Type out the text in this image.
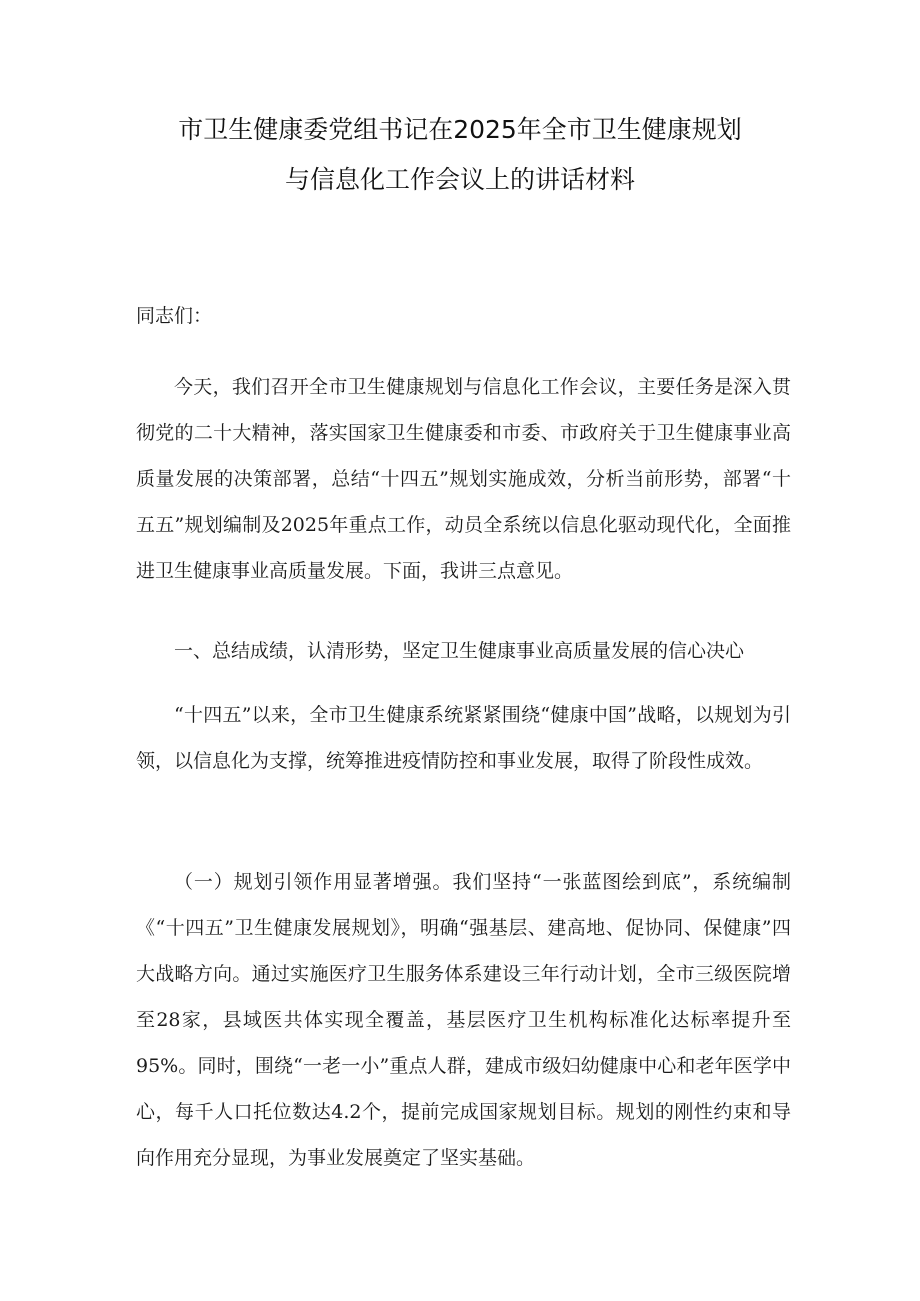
市卫生健康委党组书记在2025年全市卫生健康规划
与信息化工作会议上的讲话材料

同志们：

今天，我们召开全市卫生健康规划与信息化工作会议，主要任务是深入贯彻党的二十大精神，落实国家卫生健康委和市委、市政府关于卫生健康事业高质量发展的决策部署，总结“十四五”规划实施成效，分析当前形势，部署“十五五”规划编制及2025年重点工作，动员全系统以信息化驱动现代化，全面推进卫生健康事业高质量发展。下面，我讲三点意见。

一、总结成绩，认清形势，坚定卫生健康事业高质量发展的信心决心

“十四五”以来，全市卫生健康系统紧紧围绕“健康中国”战略，以规划为引领，以信息化为支撑，统筹推进疫情防控和事业发展，取得了阶段性成效。

（一）规划引领作用显著增强。我们坚持“一张蓝图绘到底”，系统编制《“十四五”卫生健康发展规划》，明确“强基层、建高地、促协同、保健康”四大战略方向。通过实施医疗卫生服务体系建设三年行动计划，全市三级医院增至28家，县域医共体实现全覆盖，基层医疗卫生机构标准化达标率提升至95%。同时，围绕“一老一小”重点人群，建成市级妇幼健康中心和老年医学中心，每千人口托位数达4.2个，提前完成国家规划目标。规划的刚性约束和导向作用充分显现，为事业发展奠定了坚实基础。
